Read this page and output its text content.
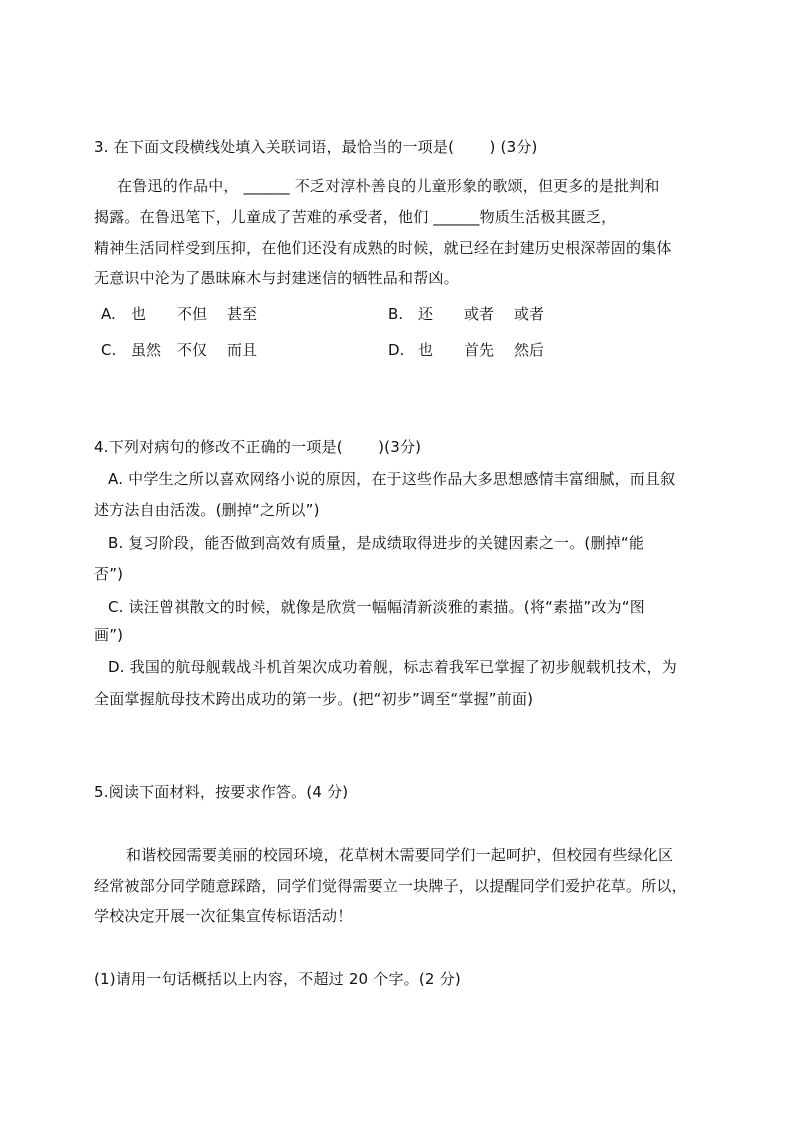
3. 在下面文段横线处填入关联词语，最恰当的一项是(　　 ) (3分)
在鲁迅的作品中， ______ 不乏对淳朴善良的儿童形象的歌颂，但更多的是批判和
揭露。在鲁迅笔下，儿童成了苦难的承受者，他们 ______物质生活极其匮乏，
精神生活同样受到压抑，在他们还没有成熟的时候，就已经在封建历史根深蒂固的集体
无意识中沦为了愚昧麻木与封建迷信的牺牲品和帮凶。
A. 也 不但 甚至	B. 还 或者 或者
C. 虽然 不仅 而且	D. 也 首先 然后
4.下列对病句的修改不正确的一项是(　　 )(3分)
A. 中学生之所以喜欢网络小说的原因，在于这些作品大多思想感情丰富细腻，而且叙
述方法自由活泼。(删掉“之所以”)
B. 复习阶段，能否做到高效有质量，是成绩取得进步的关键因素之一。(删掉“能
否”)
C. 读汪曾祺散文的时候，就像是欣赏一幅幅清新淡雅的素描。(将“素描”改为“图
画”)
D. 我国的航母舰载战斗机首架次成功着舰，标志着我军已掌握了初步舰载机技术，为
全面掌握航母技术跨出成功的第一步。(把“初步”调至“掌握”前面)
5.阅读下面材料，按要求作答。(4 分)
和谐校园需要美丽的校园环境，花草树木需要同学们一起呵护，但校园有些绿化区
经常被部分同学随意踩踏，同学们觉得需要立一块牌子，以提醒同学们爱护花草。所以，
学校决定开展一次征集宣传标语活动！
(1)请用一句话概括以上内容，不超过 20 个字。(2 分)
